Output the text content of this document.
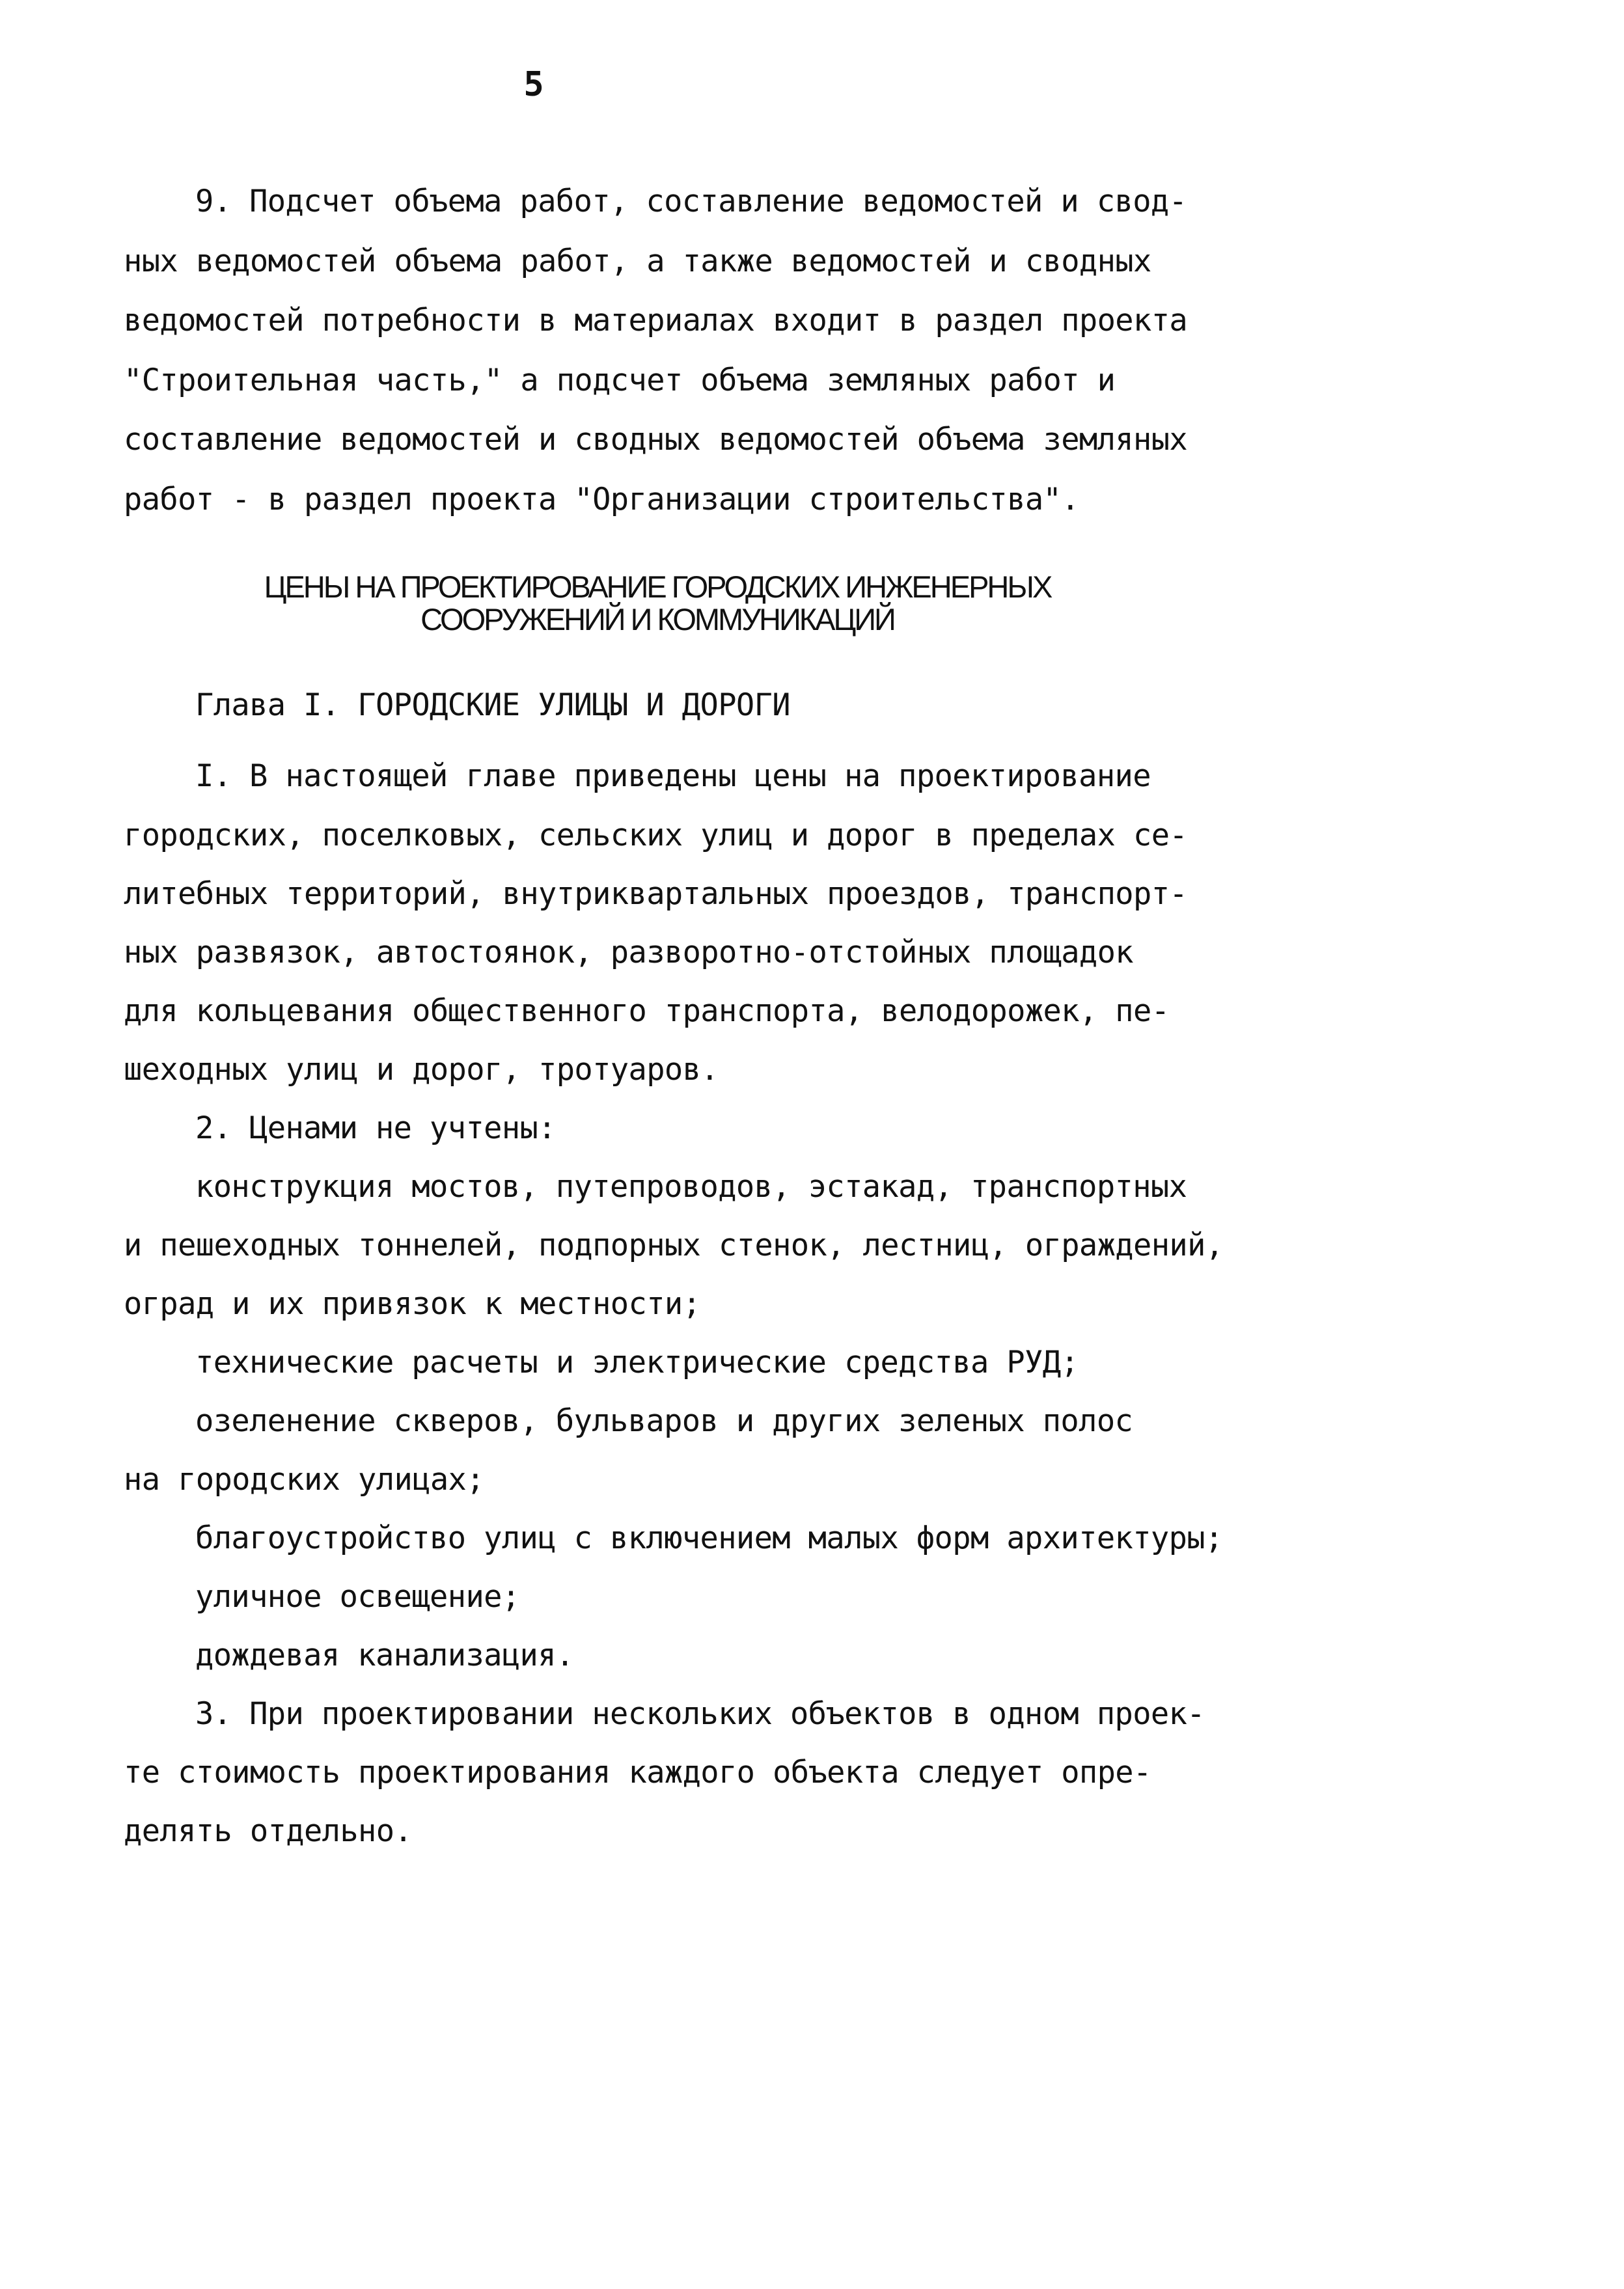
5
9. Подсчет объема работ, составление ведомостей и свод-
ных ведомостей объема работ, а также ведомостей и сводных
ведомостей потребности в материалах входит в раздел проекта
"Строительная часть," а подсчет объема земляных работ и
составление ведомостей и сводных ведомостей объема земляных
работ - в раздел проекта "Организации строительства".
ЦЕНЫ НА ПРОЕКТИРОВАНИЕ ГОРОДСКИХ ИНЖЕНЕРНЫХ
СООРУЖЕНИЙ И КОММУНИКАЦИЙ
Глава I. ГОРОДСКИЕ УЛИЦЫ И ДОРОГИ
I. В настоящей главе приведены цены на проектирование
городских, поселковых, сельских улиц и дорог в пределах се-
литебных территорий, внутриквартальных проездов, транспорт-
ных развязок, автостоянок, разворотно-отстойных площадок
для кольцевания общественного транспорта, велодорожек, пе-
шеходных улиц и дорог, тротуаров.
2. Ценами не учтены:
конструкция мостов, путепроводов, эстакад, транспортных
и пешеходных тоннелей, подпорных стенок, лестниц, ограждений,
оград и их привязок к местности;
технические расчеты и электрические средства РУД;
озеленение скверов, бульваров и других зеленых полос
на городских улицах;
благоустройство улиц с включением малых форм архитектуры;
уличное освещение;
дождевая канализация.
3. При проектировании нескольких объектов в одном проек-
те стоимость проектирования каждого объекта следует опре-
делять отдельно.
